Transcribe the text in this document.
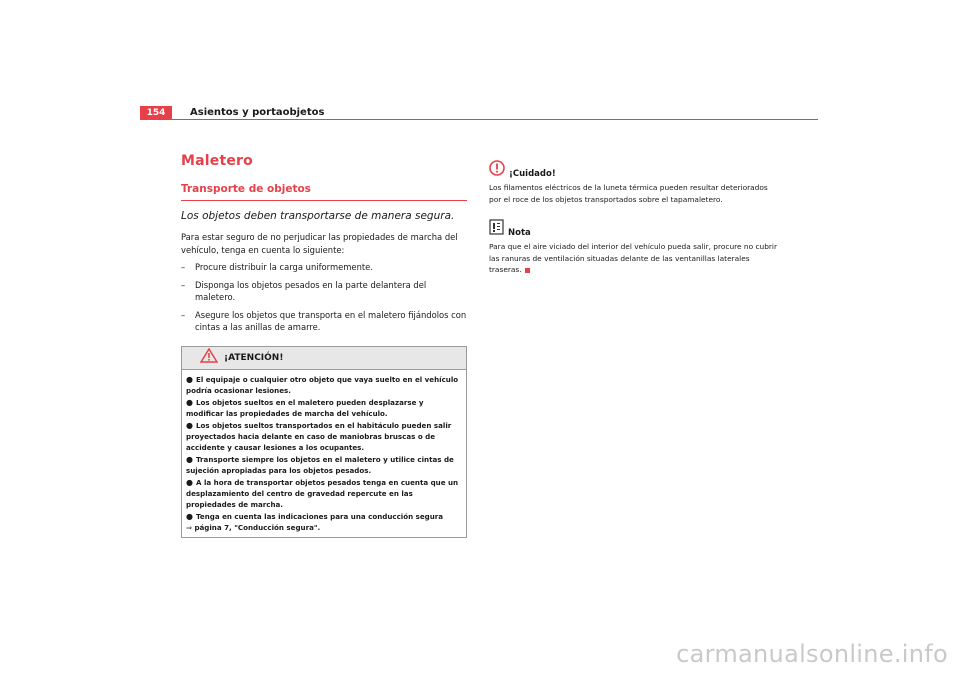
154	Asientos y portaobjetos
Maletero
Transporte de objetos

Los objetos deben transportarse de manera segura.

Para estar seguro de no perjudicar las propiedades de marcha del vehículo, tenga en cuenta lo siguiente:

– Procure distribuir la carga uniformemente.
– Disponga los objetos pesados en la parte delantera del maletero.
– Asegure los objetos que transporta en el maletero fijándolos con cintas a las anillas de amarre.
¡ATENCIÓN!
● El equipaje o cualquier otro objeto que vaya suelto en el vehículo podría ocasionar lesiones.
● Los objetos sueltos en el maletero pueden desplazarse y modificar las propiedades de marcha del vehículo.
● Los objetos sueltos transportados en el habitáculo pueden salir proyectados hacia delante en caso de maniobras bruscas o de accidente y causar lesiones a los ocupantes.
● Transporte siempre los objetos en el maletero y utilice cintas de sujeción apropiadas para los objetos pesados.
● A la hora de transportar objetos pesados tenga en cuenta que un desplazamiento del centro de gravedad repercute en las propiedades de marcha.
● Tenga en cuenta las indicaciones para una conducción segura
⇒ página 7, "Conducción segura".
¡Cuidado!

Los filamentos eléctricos de la luneta térmica pueden resultar deteriorados por el roce de los objetos transportados sobre el tapamaletero.

Nota

Para que el aire viciado del interior del vehículo pueda salir, procure no cubrir las ranuras de ventilación situadas delante de las ventanillas laterales traseras.

carmanualsonline.info
